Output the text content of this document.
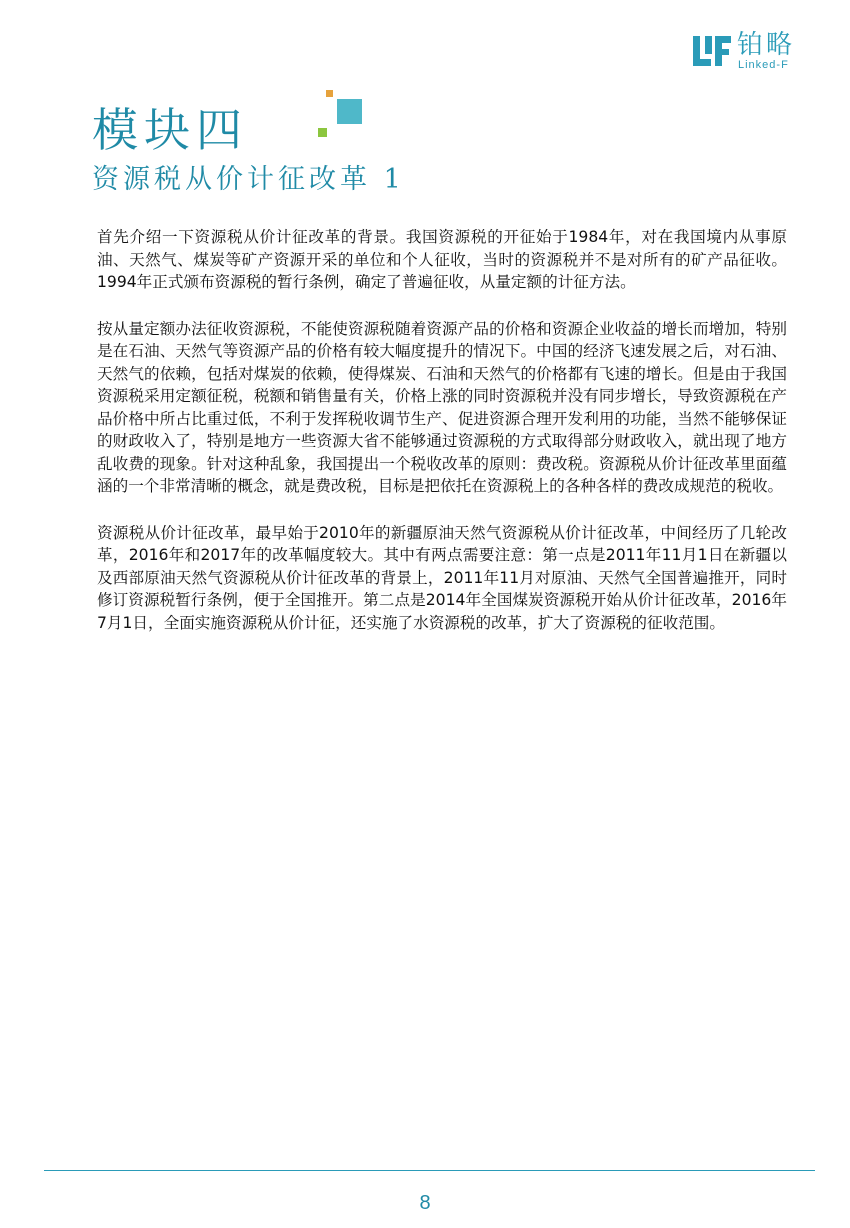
铂略
Linked-F
模块四
资源税从价计征改革 1

首先介绍一下资源税从价计征改革的背景。我国资源税的开征始于1984年，对在我国境内从事原油、天然气、煤炭等矿产资源开采的单位和个人征收，当时的资源税并不是对所有的矿产品征收。1994年正式颁布资源税的暂行条例，确定了普遍征收，从量定额的计征方法。

按从量定额办法征收资源税，不能使资源税随着资源产品的价格和资源企业收益的增长而增加，特别是在石油、天然气等资源产品的价格有较大幅度提升的情况下。中国的经济飞速发展之后，对石油、天然气的依赖，包括对煤炭的依赖，使得煤炭、石油和天然气的价格都有飞速的增长。但是由于我国资源税采用定额征税，税额和销售量有关，价格上涨的同时资源税并没有同步增长，导致资源税在产品价格中所占比重过低，不利于发挥税收调节生产、促进资源合理开发利用的功能，当然不能够保证的财政收入了，特别是地方一些资源大省不能够通过资源税的方式取得部分财政收入，就出现了地方乱收费的现象。针对这种乱象，我国提出一个税收改革的原则：费改税。资源税从价计征改革里面蕴涵的一个非常清晰的概念，就是费改税，目标是把依托在资源税上的各种各样的费改成规范的税收。

资源税从价计征改革，最早始于2010年的新疆原油天然气资源税从价计征改革，中间经历了几轮改革，2016年和2017年的改革幅度较大。其中有两点需要注意：第一点是2011年11月1日在新疆以及西部原油天然气资源税从价计征改革的背景上，2011年11月对原油、天然气全国普遍推开，同时修订资源税暂行条例，便于全国推开。第二点是2014年全国煤炭资源税开始从价计征改革，2016年7月1日，全面实施资源税从价计征，还实施了水资源税的改革，扩大了资源税的征收范围。

8
